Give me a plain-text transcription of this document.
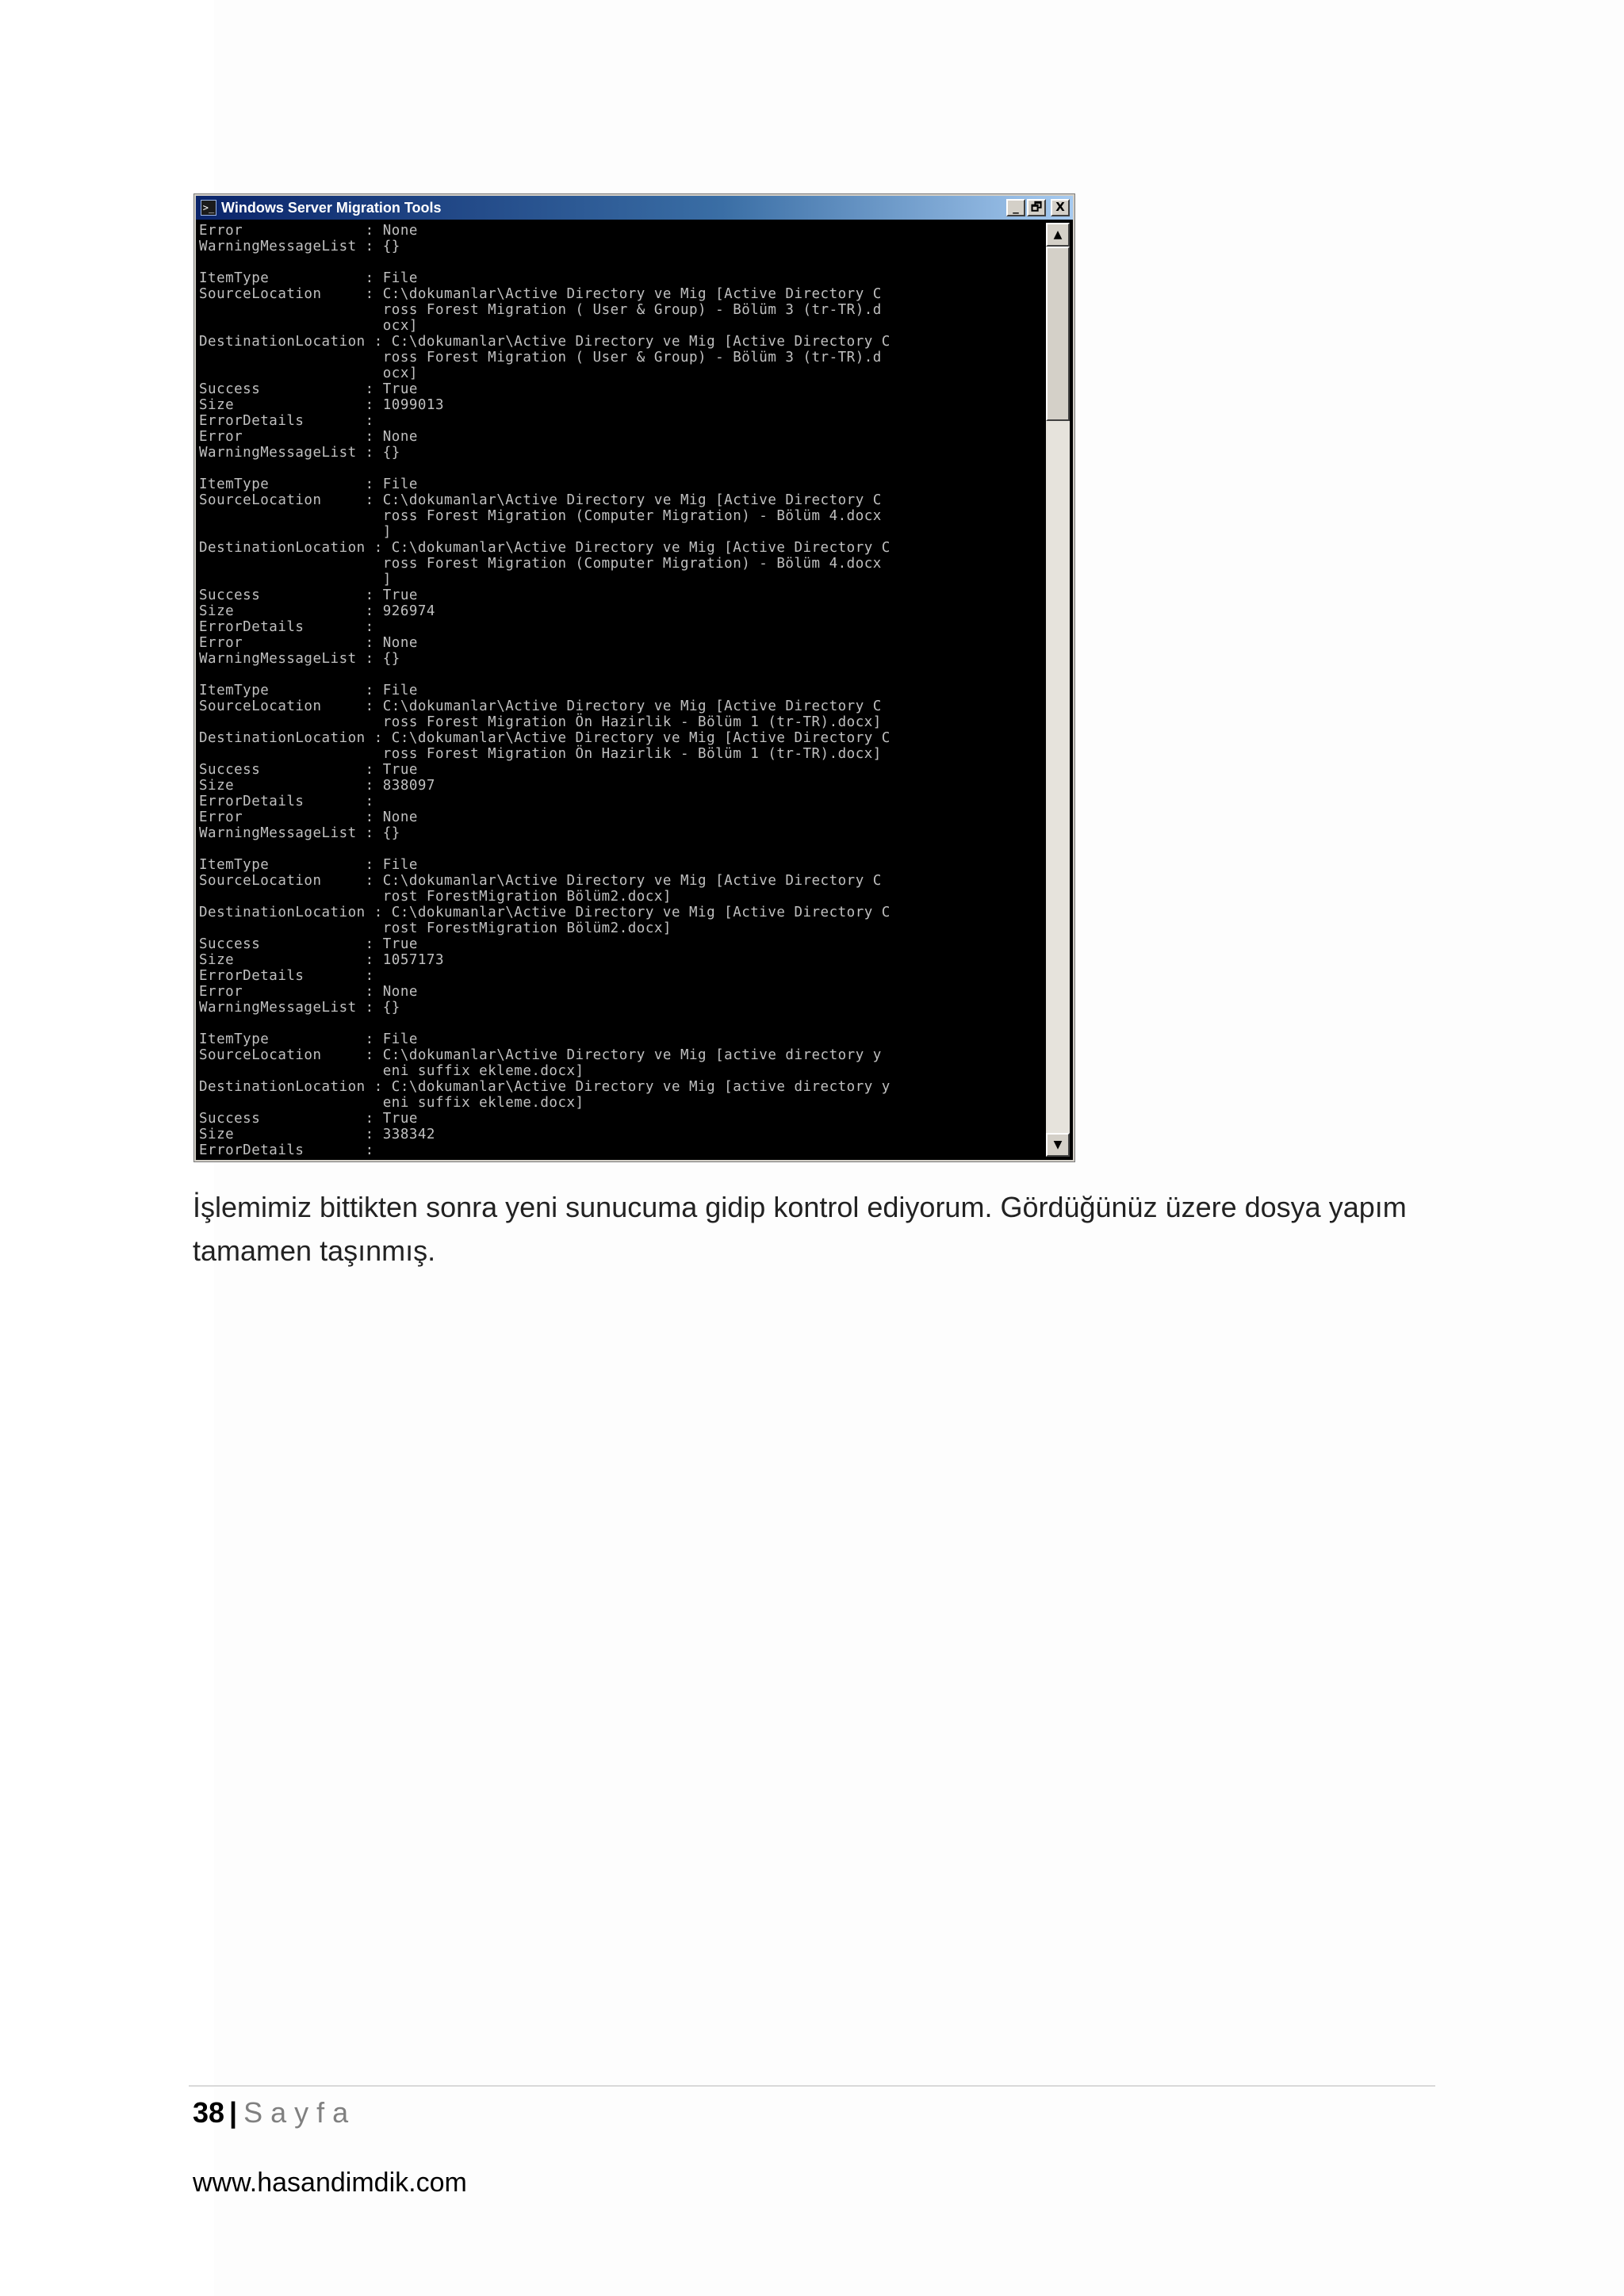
>_ Windows Server Migration Tools	_	🗗	X
Error              : None
WarningMessageList : {}
ItemType           : File
SourceLocation     : C:\dokumanlar\Active Directory ve Mig [Active Directory C
ross Forest Migration ( User & Group) - Bölüm 3 (tr-TR).d
ocx]
DestinationLocation : C:\dokumanlar\Active Directory ve Mig [Active Directory C
ross Forest Migration ( User & Group) - Bölüm 3 (tr-TR).d
ocx]
Success            : True
Size               : 1099013
ErrorDetails       :
Error              : None
WarningMessageList : {}
ItemType           : File
SourceLocation     : C:\dokumanlar\Active Directory ve Mig [Active Directory C
ross Forest Migration (Computer Migration) - Bölüm 4.docx
]
DestinationLocation : C:\dokumanlar\Active Directory ve Mig [Active Directory C
ross Forest Migration (Computer Migration) - Bölüm 4.docx
]
Success            : True
Size               : 926974
ErrorDetails       :
Error              : None
WarningMessageList : {}
ItemType           : File
SourceLocation     : C:\dokumanlar\Active Directory ve Mig [Active Directory C
ross Forest Migration Ön Hazirlik - Bölüm 1 (tr-TR).docx]
DestinationLocation : C:\dokumanlar\Active Directory ve Mig [Active Directory C
ross Forest Migration Ön Hazirlik - Bölüm 1 (tr-TR).docx]
Success            : True
Size               : 838097
ErrorDetails       :
Error              : None
WarningMessageList : {}
ItemType           : File
SourceLocation     : C:\dokumanlar\Active Directory ve Mig [Active Directory C
rost ForestMigration Bölüm2.docx]
DestinationLocation : C:\dokumanlar\Active Directory ve Mig [Active Directory C
rost ForestMigration Bölüm2.docx]
Success            : True
Size               : 1057173
ErrorDetails       :
Error              : None
WarningMessageList : {}
ItemType           : File
SourceLocation     : C:\dokumanlar\Active Directory ve Mig [active directory y
eni suffix ekleme.docx]
DestinationLocation : C:\dokumanlar\Active Directory ve Mig [active directory y
eni suffix ekleme.docx]
Success            : True
Size               : 338342
ErrorDetails       :
▲
▼

İşlemimiz bittikten sonra yeni sunucuma gidip kontrol ediyorum. Gördüğünüz üzere dosya yapım tamamen taşınmış.

38 | Sayfa
www.hasandimdik.com
